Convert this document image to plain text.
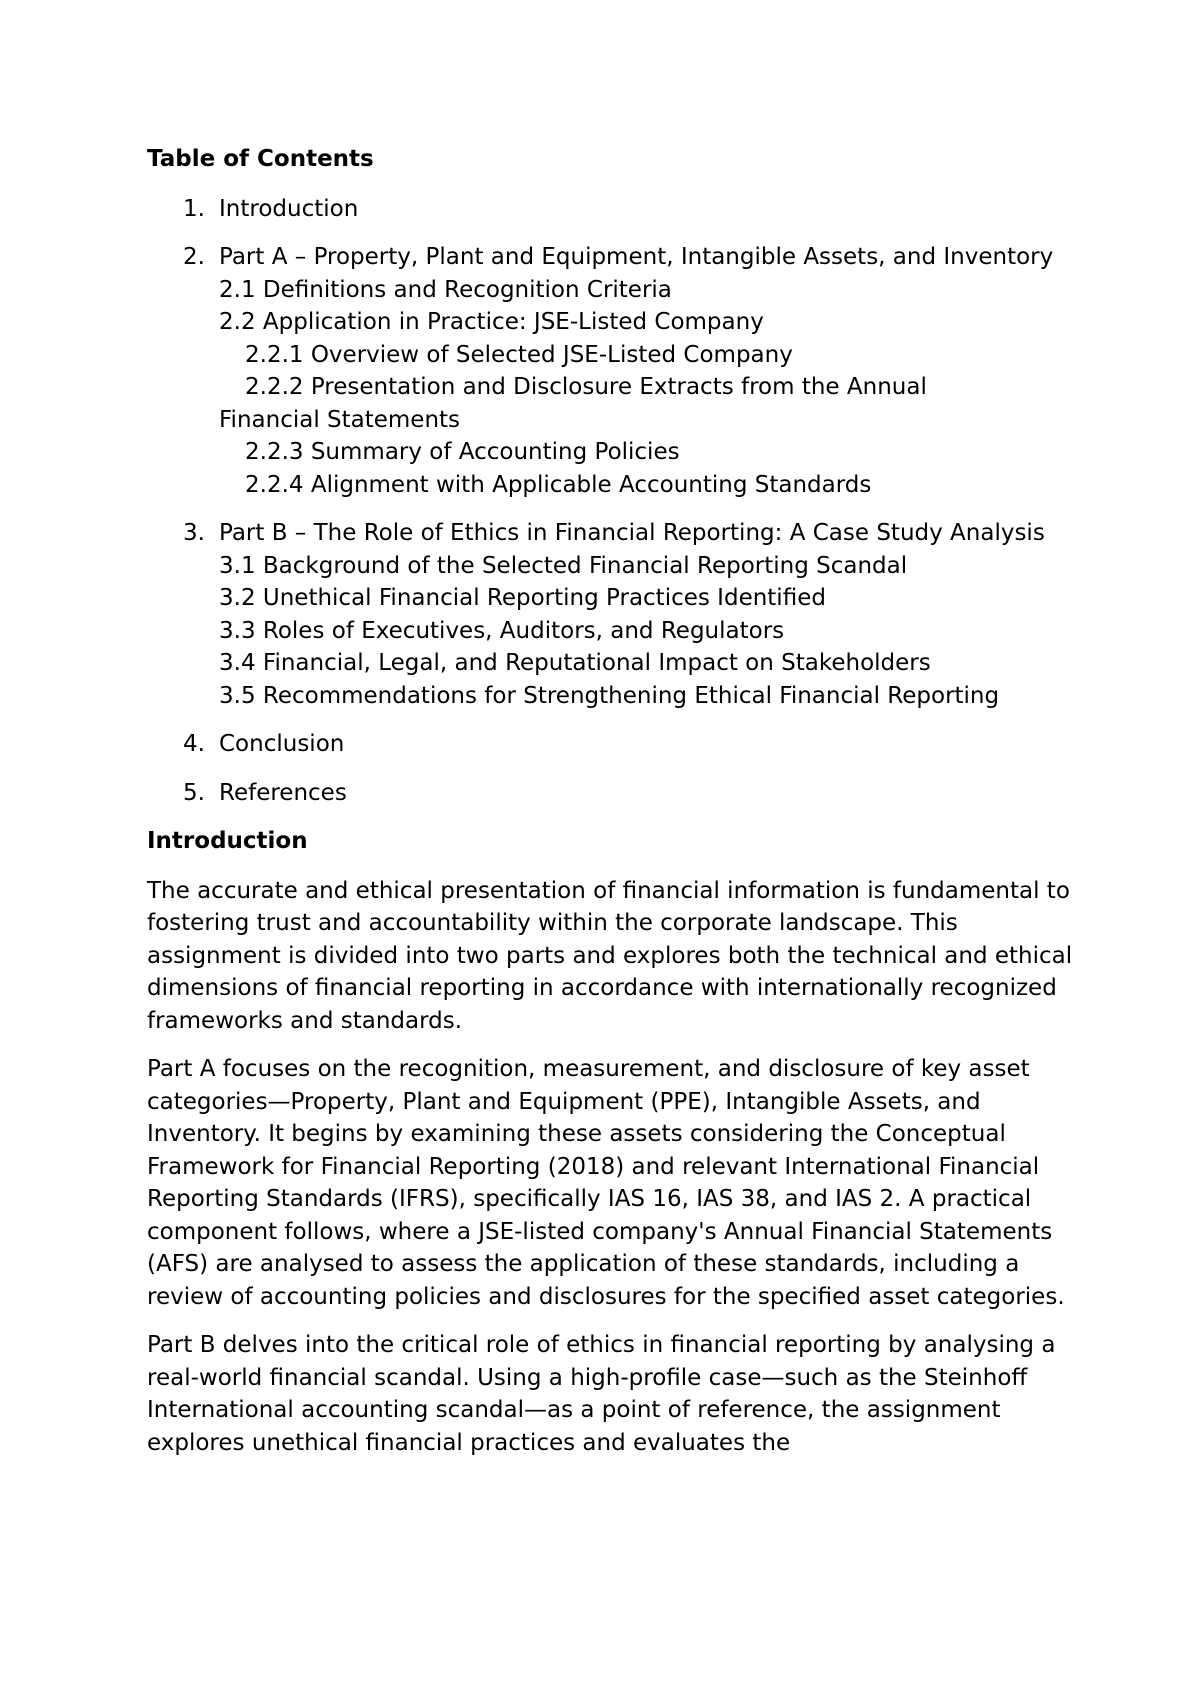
Table of Contents
1. Introduction
2. Part A – Property, Plant and Equipment, Intangible Assets, and Inventory
2.1 Definitions and Recognition Criteria
2.2 Application in Practice: JSE-Listed Company
2.2.1 Overview of Selected JSE-Listed Company
2.2.2 Presentation and Disclosure Extracts from the Annual
Financial Statements
2.2.3 Summary of Accounting Policies
2.2.4 Alignment with Applicable Accounting Standards
3. Part B – The Role of Ethics in Financial Reporting: A Case Study Analysis
3.1 Background of the Selected Financial Reporting Scandal
3.2 Unethical Financial Reporting Practices Identified
3.3 Roles of Executives, Auditors, and Regulators
3.4 Financial, Legal, and Reputational Impact on Stakeholders
3.5 Recommendations for Strengthening Ethical Financial Reporting
4. Conclusion
5. References
Introduction

The accurate and ethical presentation of financial information is fundamental to fostering trust and accountability within the corporate landscape. This assignment is divided into two parts and explores both the technical and ethical dimensions of financial reporting in accordance with internationally recognized frameworks and standards.

Part A focuses on the recognition, measurement, and disclosure of key asset categories—Property, Plant and Equipment (PPE), Intangible Assets, and Inventory. It begins by examining these assets considering the Conceptual Framework for Financial Reporting (2018) and relevant International Financial Reporting Standards (IFRS), specifically IAS 16, IAS 38, and IAS 2. A practical component follows, where a JSE-listed company's Annual Financial Statements (AFS) are analysed to assess the application of these standards, including a review of accounting policies and disclosures for the specified asset categories.

Part B delves into the critical role of ethics in financial reporting by analysing a real-world financial scandal. Using a high-profile case—such as the Steinhoff International accounting scandal—as a point of reference, the assignment explores unethical financial practices and evaluates the
